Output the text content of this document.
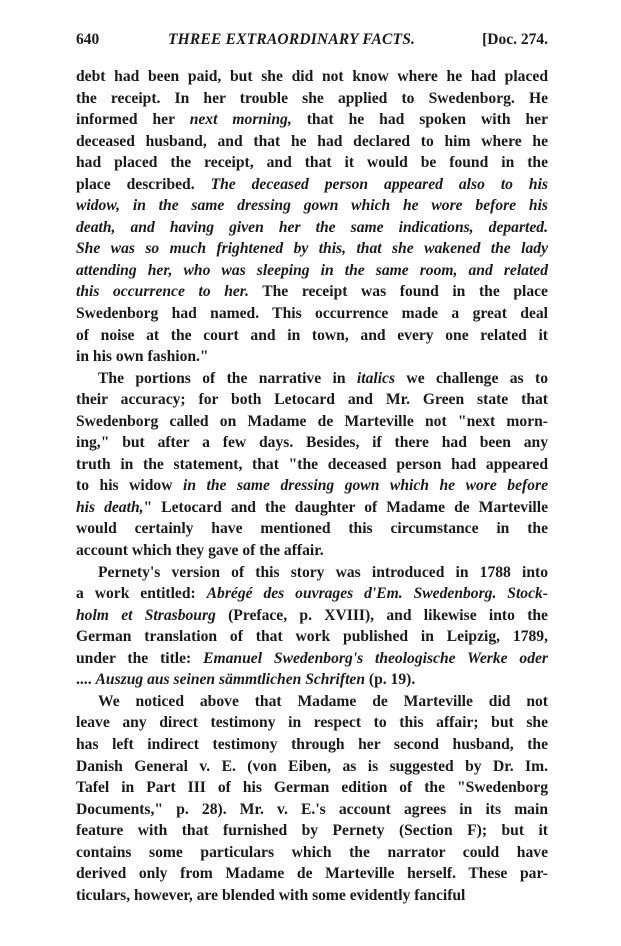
640	THREE EXTRAORDINARY FACTS.	[Doc. 274.
debt had been paid, but she did not know where he had placed
the receipt. In her trouble she applied to Swedenborg. He
informed her next morning, that he had spoken with her
deceased husband, and that he had declared to him where he
had placed the receipt, and that it would be found in the
place described. The deceased person appeared also to his
widow, in the same dressing gown which he wore before his
death, and having given her the same indications, departed.
She was so much frightened by this, that she wakened the lady
attending her, who was sleeping in the same room, and related
this occurrence to her. The receipt was found in the place
Swedenborg had named. This occurrence made a great deal
of noise at the court and in town, and every one related it
in his own fashion."
The portions of the narrative in italics we challenge as to
their accuracy; for both Letocard and Mr. Green state that
Swedenborg called on Madame de Marteville not "next morn-
ing," but after a few days. Besides, if there had been any
truth in the statement, that "the deceased person had appeared
to his widow in the same dressing gown which he wore before
his death," Letocard and the daughter of Madame de Marteville
would certainly have mentioned this circumstance in the
account which they gave of the affair.
Pernety's version of this story was introduced in 1788 into
a work entitled: Abrégé des ouvrages d'Em. Swedenborg. Stock-
holm et Strasbourg (Preface, p. XVIII), and likewise into the
German translation of that work published in Leipzig, 1789,
under the title: Emanuel Swedenborg's theologische Werke oder
.... Auszug aus seinen sämmtlichen Schriften (p. 19).
We noticed above that Madame de Marteville did not
leave any direct testimony in respect to this affair; but she
has left indirect testimony through her second husband, the
Danish General v. E. (von Eiben, as is suggested by Dr. Im.
Tafel in Part III of his German edition of the "Swedenborg
Documents," p. 28). Mr. v. E.'s account agrees in its main
feature with that furnished by Pernety (Section F); but it
contains some particulars which the narrator could have
derived only from Madame de Marteville herself. These par-
ticulars, however, are blended with some evidently fanciful
